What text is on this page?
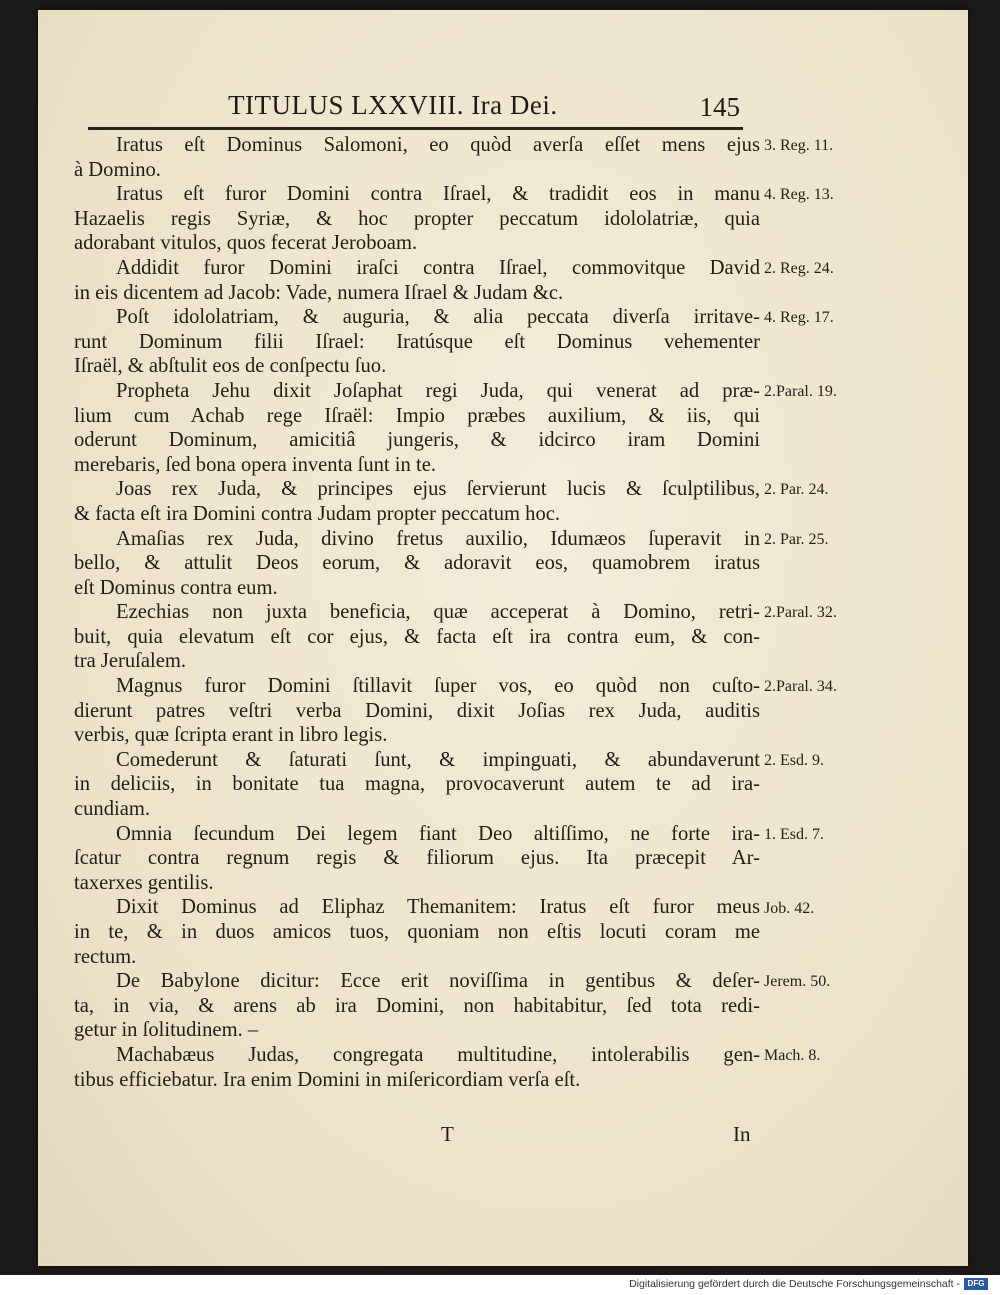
TITULUS LXXVIII. Ira Dei.	145
Iratus eſt Dominus Salomoni, eo quòd averſa eſſet mens ejus
à Domino.
Iratus eſt furor Domini contra Iſrael, & tradidit eos in manu
Hazaelis regis Syriæ, & hoc propter peccatum idololatriæ, quia
adorabant vitulos, quos fecerat Jeroboam.
Addidit furor Domini iraſci contra Iſrael, commovitque David
in eis dicentem ad Jacob: Vade, numera Iſrael & Judam &c.
Poſt idololatriam, & auguria, & alia peccata diverſa irritave-
runt Dominum filii Iſrael: Iratúsque eſt Dominus vehementer
Iſraël, & abſtulit eos de conſpectu ſuo.
Propheta Jehu dixit Joſaphat regi Juda, qui venerat ad præ-
lium cum Achab rege Iſraël: Impio præbes auxilium, & iis, qui
oderunt Dominum, amicitiâ jungeris, & idcirco iram Domini
merebaris, ſed bona opera inventa ſunt in te.
Joas rex Juda, & principes ejus ſervierunt lucis & ſculptilibus,
& facta eſt ira Domini contra Judam propter peccatum hoc.
Amaſias rex Juda, divino fretus auxilio, Idumæos ſuperavit in
bello, & attulit Deos eorum, & adoravit eos, quamobrem iratus
eſt Dominus contra eum.
Ezechias non juxta beneficia, quæ acceperat à Domino, retri-
buit, quia elevatum eſt cor ejus, & facta eſt ira contra eum, & con-
tra Jeruſalem.
Magnus furor Domini ſtillavit ſuper vos, eo quòd non cuſto-
dierunt patres veſtri verba Domini, dixit Joſias rex Juda, auditis
verbis, quæ ſcripta erant in libro legis.
Comederunt & ſaturati ſunt, & impinguati, & abundaverunt
in deliciis, in bonitate tua magna, provocaverunt autem te ad ira-
cundiam.
Omnia ſecundum Dei legem fiant Deo altiſſimo, ne forte ira-
ſcatur contra regnum regis & filiorum ejus. Ita præcepit Ar-
taxerxes gentilis.
Dixit Dominus ad Eliphaz Themanitem: Iratus eſt furor meus
in te, & in duos amicos tuos, quoniam non eſtis locuti coram me
rectum.
De Babylone dicitur: Ecce erit noviſſima in gentibus & deſer-
ta, in via, & arens ab ira Domini, non habitabitur, ſed tota redi-
getur in ſolitudinem. –
Machabæus Judas, congregata multitudine, intolerabilis gen-
tibus efficiebatur. Ira enim Domini in miſericordiam verſa eſt.
3. Reg. 11.
4. Reg. 13.
2. Reg. 24.
4. Reg. 17.
2.Paral. 19.
2. Par. 24.
2. Par. 25.
2.Paral. 32.
2.Paral. 34.
2. Esd. 9.
1. Esd. 7.
Job. 42.
Jerem. 50.
Mach. 8.
T	In
Digitalisierung gefördert durch die Deutsche Forschungsgemeinschaft - DFG
